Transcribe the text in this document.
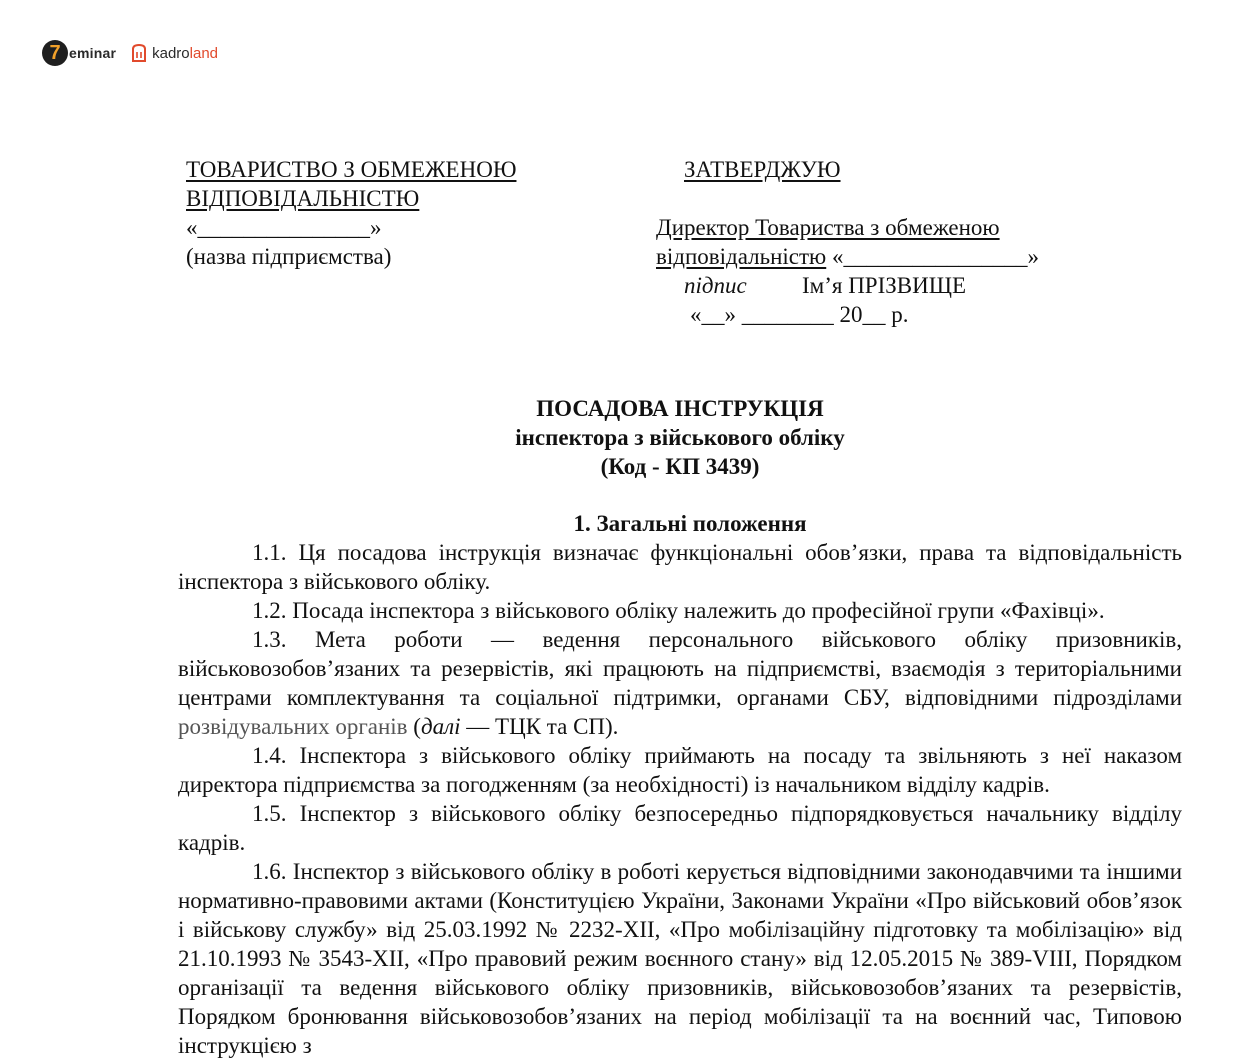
7 eminar kadroland
ТОВАРИСТВО З ОБМЕЖЕНОЮ
ВІДПОВІДАЛЬНІСТЮ
«_______________»
(назва підприємства)
ЗАТВЕРДЖУЮ
Директор Товариства з обмеженою
відповідальністю «________________»
підпис Ім’я ПРІЗВИЩЕ
«__» ________ 20__ р.
ПОСАДОВА ІНСТРУКЦІЯ
інспектора з військового обліку
(Код - КП 3439)

1. Загальні положення

1.1. Ця посадова інструкція визначає функціональні обов’язки, права та відповідальність інспектора з військового обліку.

1.2. Посада інспектора з військового обліку належить до професійної групи «Фахівці».

1.3. Мета роботи — ведення персонального військового обліку призовників, військовозобов’язаних та резервістів, які працюють на підприємстві, взаємодія з територіальними центрами комплектування та соціальної підтримки, органами СБУ, відповідними підрозділами розвідувальних органів (далі — ТЦК та СП).

1.4. Інспектора з військового обліку приймають на посаду та звільняють з неї наказом директора підприємства за погодженням (за необхідності) із начальником відділу кадрів.

1.5. Інспектор з військового обліку безпосередньо підпорядковується начальнику відділу кадрів.

1.6. Інспектор з військового обліку в роботі керується відповідними законодавчими та іншими нормативно-правовими актами (Конституцією України, Законами України «Про військовий обов’язок і військову службу» від 25.03.1992 № 2232-XII, «Про мобілізаційну підготовку та мобілізацію» від 21.10.1993 № 3543-XII, «Про правовий режим воєнного стану» від 12.05.2015 № 389-VIII, Порядком організації та ведення військового обліку призовників, військовозобов’язаних та резервістів, Порядком бронювання військовозобов’язаних на період мобілізації та на воєнний час, Типовою інструкцією з
